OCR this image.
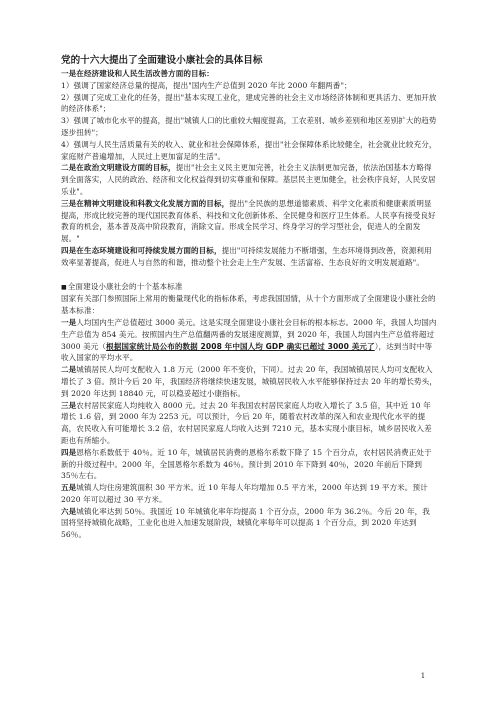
党的十六大提出了全面建设小康社会的具体目标

一是在经济建设和人民生活改善方面的目标：

1）强调了国家经济总量的提高，提出"国内生产总值到 2020 年比 2000 年翻两番"；

2）强调了完成工业化的任务，提出"基本实现工业化，建成完善的社会主义市场经济体制和更具活力、更加开放的经济体系"；

3）强调了城市化水平的提高，提出"城镇人口的比重较大幅度提高，工农差别、城乡差别和地区差别扩大的趋势逐步扭转"；

4）强调与人民生活质量有关的收入、就业和社会保障体系，提出"社会保障体系比较健全，社会就业比较充分，家庭财产普遍增加，人民过上更加富足的生活"。

二是在政治文明建设方面的目标，提出"社会主义民主更加完善，社会主义法制更加完备，依法治国基本方略得到全面落实，人民的政治、经济和文化权益得到切实尊重和保障。基层民主更加健全，社会秩序良好，人民安居乐业"。

三是在精神文明建设和科教文化发展方面的目标，提出"全民族的思想道德素质、科学文化素质和健康素质明显提高，形成比较完善的现代国民教育体系、科技和文化创新体系、全民健身和医疗卫生体系。人民享有接受良好教育的机会，基本普及高中阶段教育，消除文盲。形成全民学习、终身学习的学习型社会，促进人的全面发展。"

四是在生态环境建设和可持续发展方面的目标，提出"可持续发展能力不断增强，生态环境得到改善，资源利用效率显著提高，促进人与自然的和谐，推动整个社会走上生产发展、生活富裕、生态良好的文明发展道路"。

■ 全面建设小康社会的十个基本标准

国家有关部门参照国际上常用的衡量现代化的指标体系，考虑我国国情，从十个方面形成了全面建设小康社会的基本标准：

一是人均国内生产总值超过 3000 美元。这是实现全面建设小康社会目标的根本标志。2000 年，我国人均国内生产总值为 854 美元。按照国内生产总值翻两番的发展速度测算，到 2020 年，我国人均国内生产总值将超过 3000 美元（根据国家统计局公布的数据 2008 年中国人均 GDP 确实已超过 3000 美元了），达到当时中等收入国家的平均水平。

二是城镇居民人均可支配收入 1.8 万元（2000 年不变价，下同）。过去 20 年，我国城镇居民人均可支配收入增长了 3 倍。预计今后 20 年，我国经济将继续快速发展，城镇居民收入水平能够保持过去 20 年的增长势头，到 2020 年达到 18840 元，可以稳妥超过小康指标。

三是农村居民家庭人均纯收入 8000 元。过去 20 年我国农村居民家庭人均收入增长了 3.5 倍，其中近 10 年增长 1.6 倍，到 2000 年为 2253 元。可以预计，今后 20 年，随着农村改革的深入和农业现代化水平的提高，农民收入有可能增长 3.2 倍，农村居民家庭人均收入达到 7210 元，基本实现小康目标，城乡居民收入差距也有所缩小。

四是恩格尔系数低于 40％。近 10 年，城镇居民消费的恩格尔系数下降了 15 个百分点，农村居民消费正处于新的升级过程中。2000 年，全国恩格尔系数为 46％。预计到 2010 年下降到 40％，2020 年前后下降到 35％左右。

五是城镇人均住房建筑面积 30 平方米。近 10 年每人年均增加 0.5 平方米，2000 年达到 19 平方米。预计 2020 年可以超过 30 平方米。

六是城镇化率达到 50％。我国近 10 年城镇化率年均提高 1 个百分点，2000 年为 36.2％。今后 20 年，我国将坚持城镇化战略，工业化也进入加速发展阶段，城镇化率每年可以提高 1 个百分点，到 2020 年达到 56％。

1
